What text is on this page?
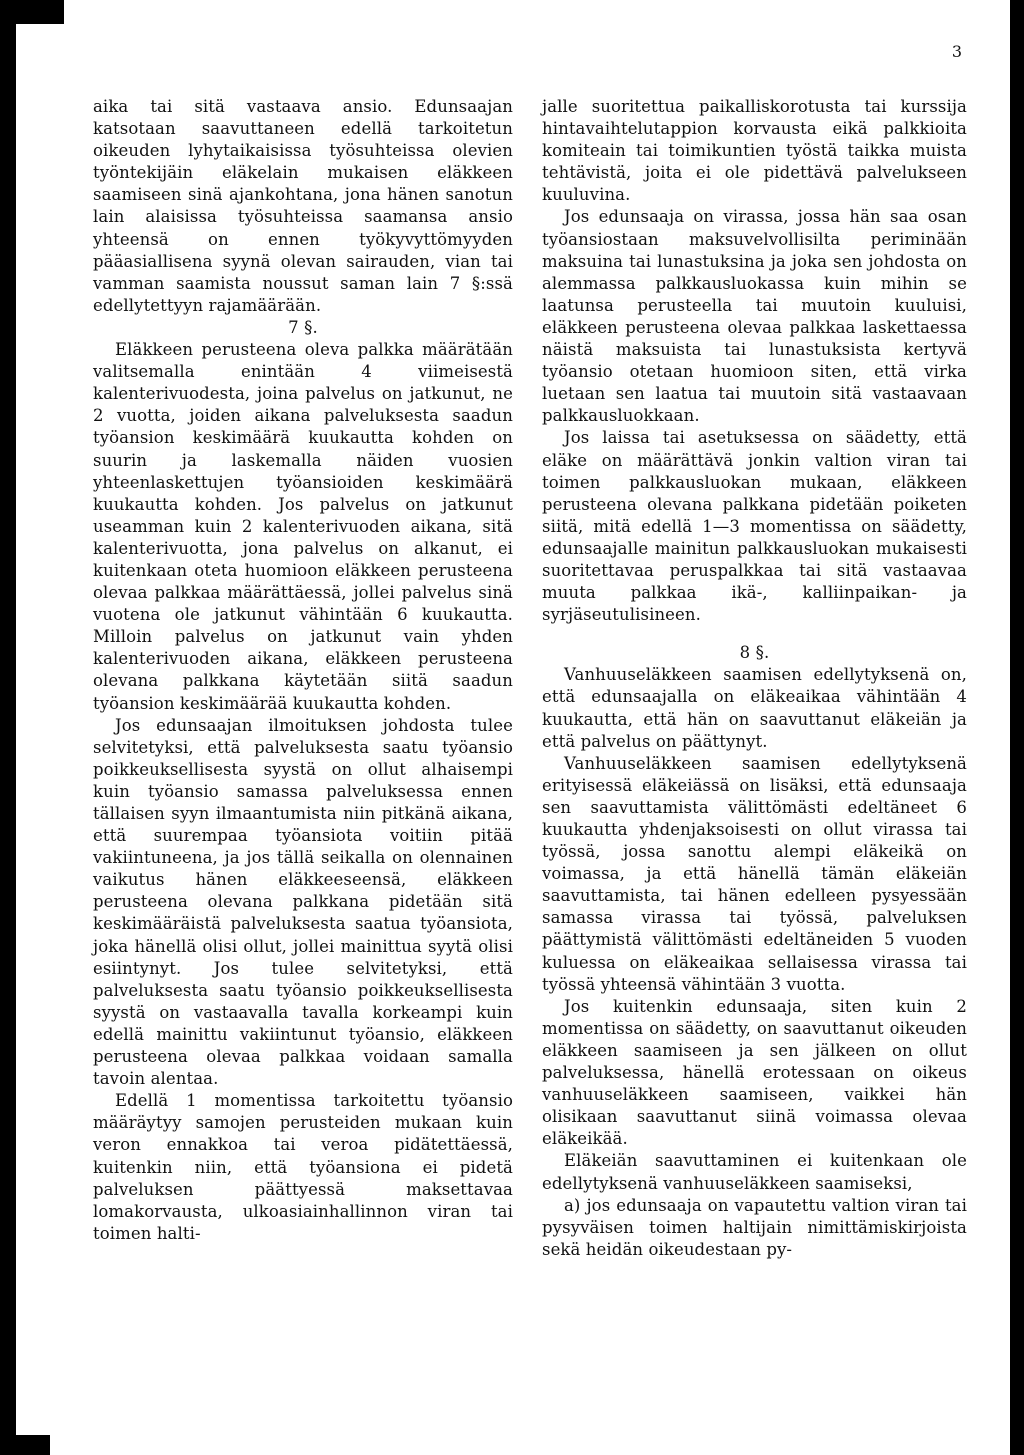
3

aika tai sitä vastaava ansio. Edunsaajan katsotaan saavuttaneen edellä tarkoitetun oikeuden lyhytaikaisissa työsuhteissa olevien työntekijäin eläkelain mukaisen eläkkeen saamiseen sinä ajankohtana, jona hänen sanotun lain alaisissa työsuhteissa saamansa ansio yhteensä on ennen työkyvyttömyyden pääasiallisena syynä olevan sairauden, vian tai vamman saamista noussut saman lain 7 §:ssä edellytettyyn rajamäärään.

7 §.

Eläkkeen perusteena oleva palkka määrätään valitsemalla enintään 4 viimeisestä kalenterivuodesta, joina palvelus on jatkunut, ne 2 vuotta, joiden aikana palveluksesta saadun työansion keskimäärä kuukautta kohden on suurin ja laskemalla näiden vuosien yhteenlaskettujen työansioiden keskimäärä kuukautta kohden. Jos palvelus on jatkunut useamman kuin 2 kalenterivuoden aikana, sitä kalenterivuotta, jona palvelus on alkanut, ei kuitenkaan oteta huomioon eläkkeen perusteena olevaa palkkaa määrättäessä, jollei palvelus sinä vuotena ole jatkunut vähintään 6 kuukautta. Milloin palvelus on jatkunut vain yhden kalenterivuoden aikana, eläkkeen perusteena olevana palkkana käytetään siitä saadun työansion keskimäärää kuukautta kohden.

Jos edunsaajan ilmoituksen johdosta tulee selvitetyksi, että palveluksesta saatu työansio poikkeuksellisesta syystä on ollut alhaisempi kuin työansio samassa palveluksessa ennen tällaisen syyn ilmaantumista niin pitkänä aikana, että suurempaa työansiota voitiin pitää vakiintuneena, ja jos tällä seikalla on olennainen vaikutus hänen eläkkeeseensä, eläkkeen perusteena olevana palkkana pidetään sitä keskimääräistä palveluksesta saatua työansiota, joka hänellä olisi ollut, jollei mainittua syytä olisi esiintynyt. Jos tulee selvitetyksi, että palveluksesta saatu työansio poikkeuksellisesta syystä on vastaavalla tavalla korkeampi kuin edellä mainittu vakiintunut työansio, eläkkeen perusteena olevaa palkkaa voidaan samalla tavoin alentaa.

Edellä 1 momentissa tarkoitettu työansio määräytyy samojen perusteiden mukaan kuin veron ennakkoa tai veroa pidätettäessä, kuitenkin niin, että työansiona ei pidetä palveluksen päättyessä maksettavaa lomakorvausta, ulkoasiainhallinnon viran tai toimen halti-

jalle suoritettua paikalliskorotusta tai kurssija hintavaihtelutappion korvausta eikä palkkioita komiteain tai toimikuntien työstä taikka muista tehtävistä, joita ei ole pidettävä palvelukseen kuuluvina.

Jos edunsaaja on virassa, jossa hän saa osan työansiostaan maksuvelvollisilta periminään maksuina tai lunastuksina ja joka sen johdosta on alemmassa palkkausluokassa kuin mihin se laatunsa perusteella tai muutoin kuuluisi, eläkkeen perusteena olevaa palkkaa laskettaessa näistä maksuista tai lunastuksista kertyvä työansio otetaan huomioon siten, että virka luetaan sen laatua tai muutoin sitä vastaavaan palkkausluokkaan.

Jos laissa tai asetuksessa on säädetty, että eläke on määrättävä jonkin valtion viran tai toimen palkkausluokan mukaan, eläkkeen perusteena olevana palkkana pidetään poiketen siitä, mitä edellä 1—3 momentissa on säädetty, edunsaajalle mainitun palkkausluokan mukaisesti suoritettavaa peruspalkkaa tai sitä vastaavaa muuta palkkaa ikä-, kalliinpaikan- ja syrjäseutulisineen.

8 §.

Vanhuuseläkkeen saamisen edellytyksenä on, että edunsaajalla on eläkeaikaa vähintään 4 kuukautta, että hän on saavuttanut eläkeiän ja että palvelus on päättynyt.

Vanhuuseläkkeen saamisen edellytyksenä erityisessä eläkeiässä on lisäksi, että edunsaaja sen saavuttamista välittömästi edeltäneet 6 kuukautta yhdenjaksoisesti on ollut virassa tai työssä, jossa sanottu alempi eläkeikä on voimassa, ja että hänellä tämän eläkeiän saavuttamista, tai hänen edelleen pysyessään samassa virassa tai työssä, palveluksen päättymistä välittömästi edeltäneiden 5 vuoden kuluessa on eläkeaikaa sellaisessa virassa tai työssä yhteensä vähintään 3 vuotta.

Jos kuitenkin edunsaaja, siten kuin 2 momentissa on säädetty, on saavuttanut oikeuden eläkkeen saamiseen ja sen jälkeen on ollut palveluksessa, hänellä erotessaan on oikeus vanhuuseläkkeen saamiseen, vaikkei hän olisikaan saavuttanut siinä voimassa olevaa eläkeikää.

Eläkeiän saavuttaminen ei kuitenkaan ole edellytyksenä vanhuuseläkkeen saamiseksi,

a) jos edunsaaja on vapautettu valtion viran tai pysyväisen toimen haltijain nimittämiskirjoista sekä heidän oikeudestaan py-
